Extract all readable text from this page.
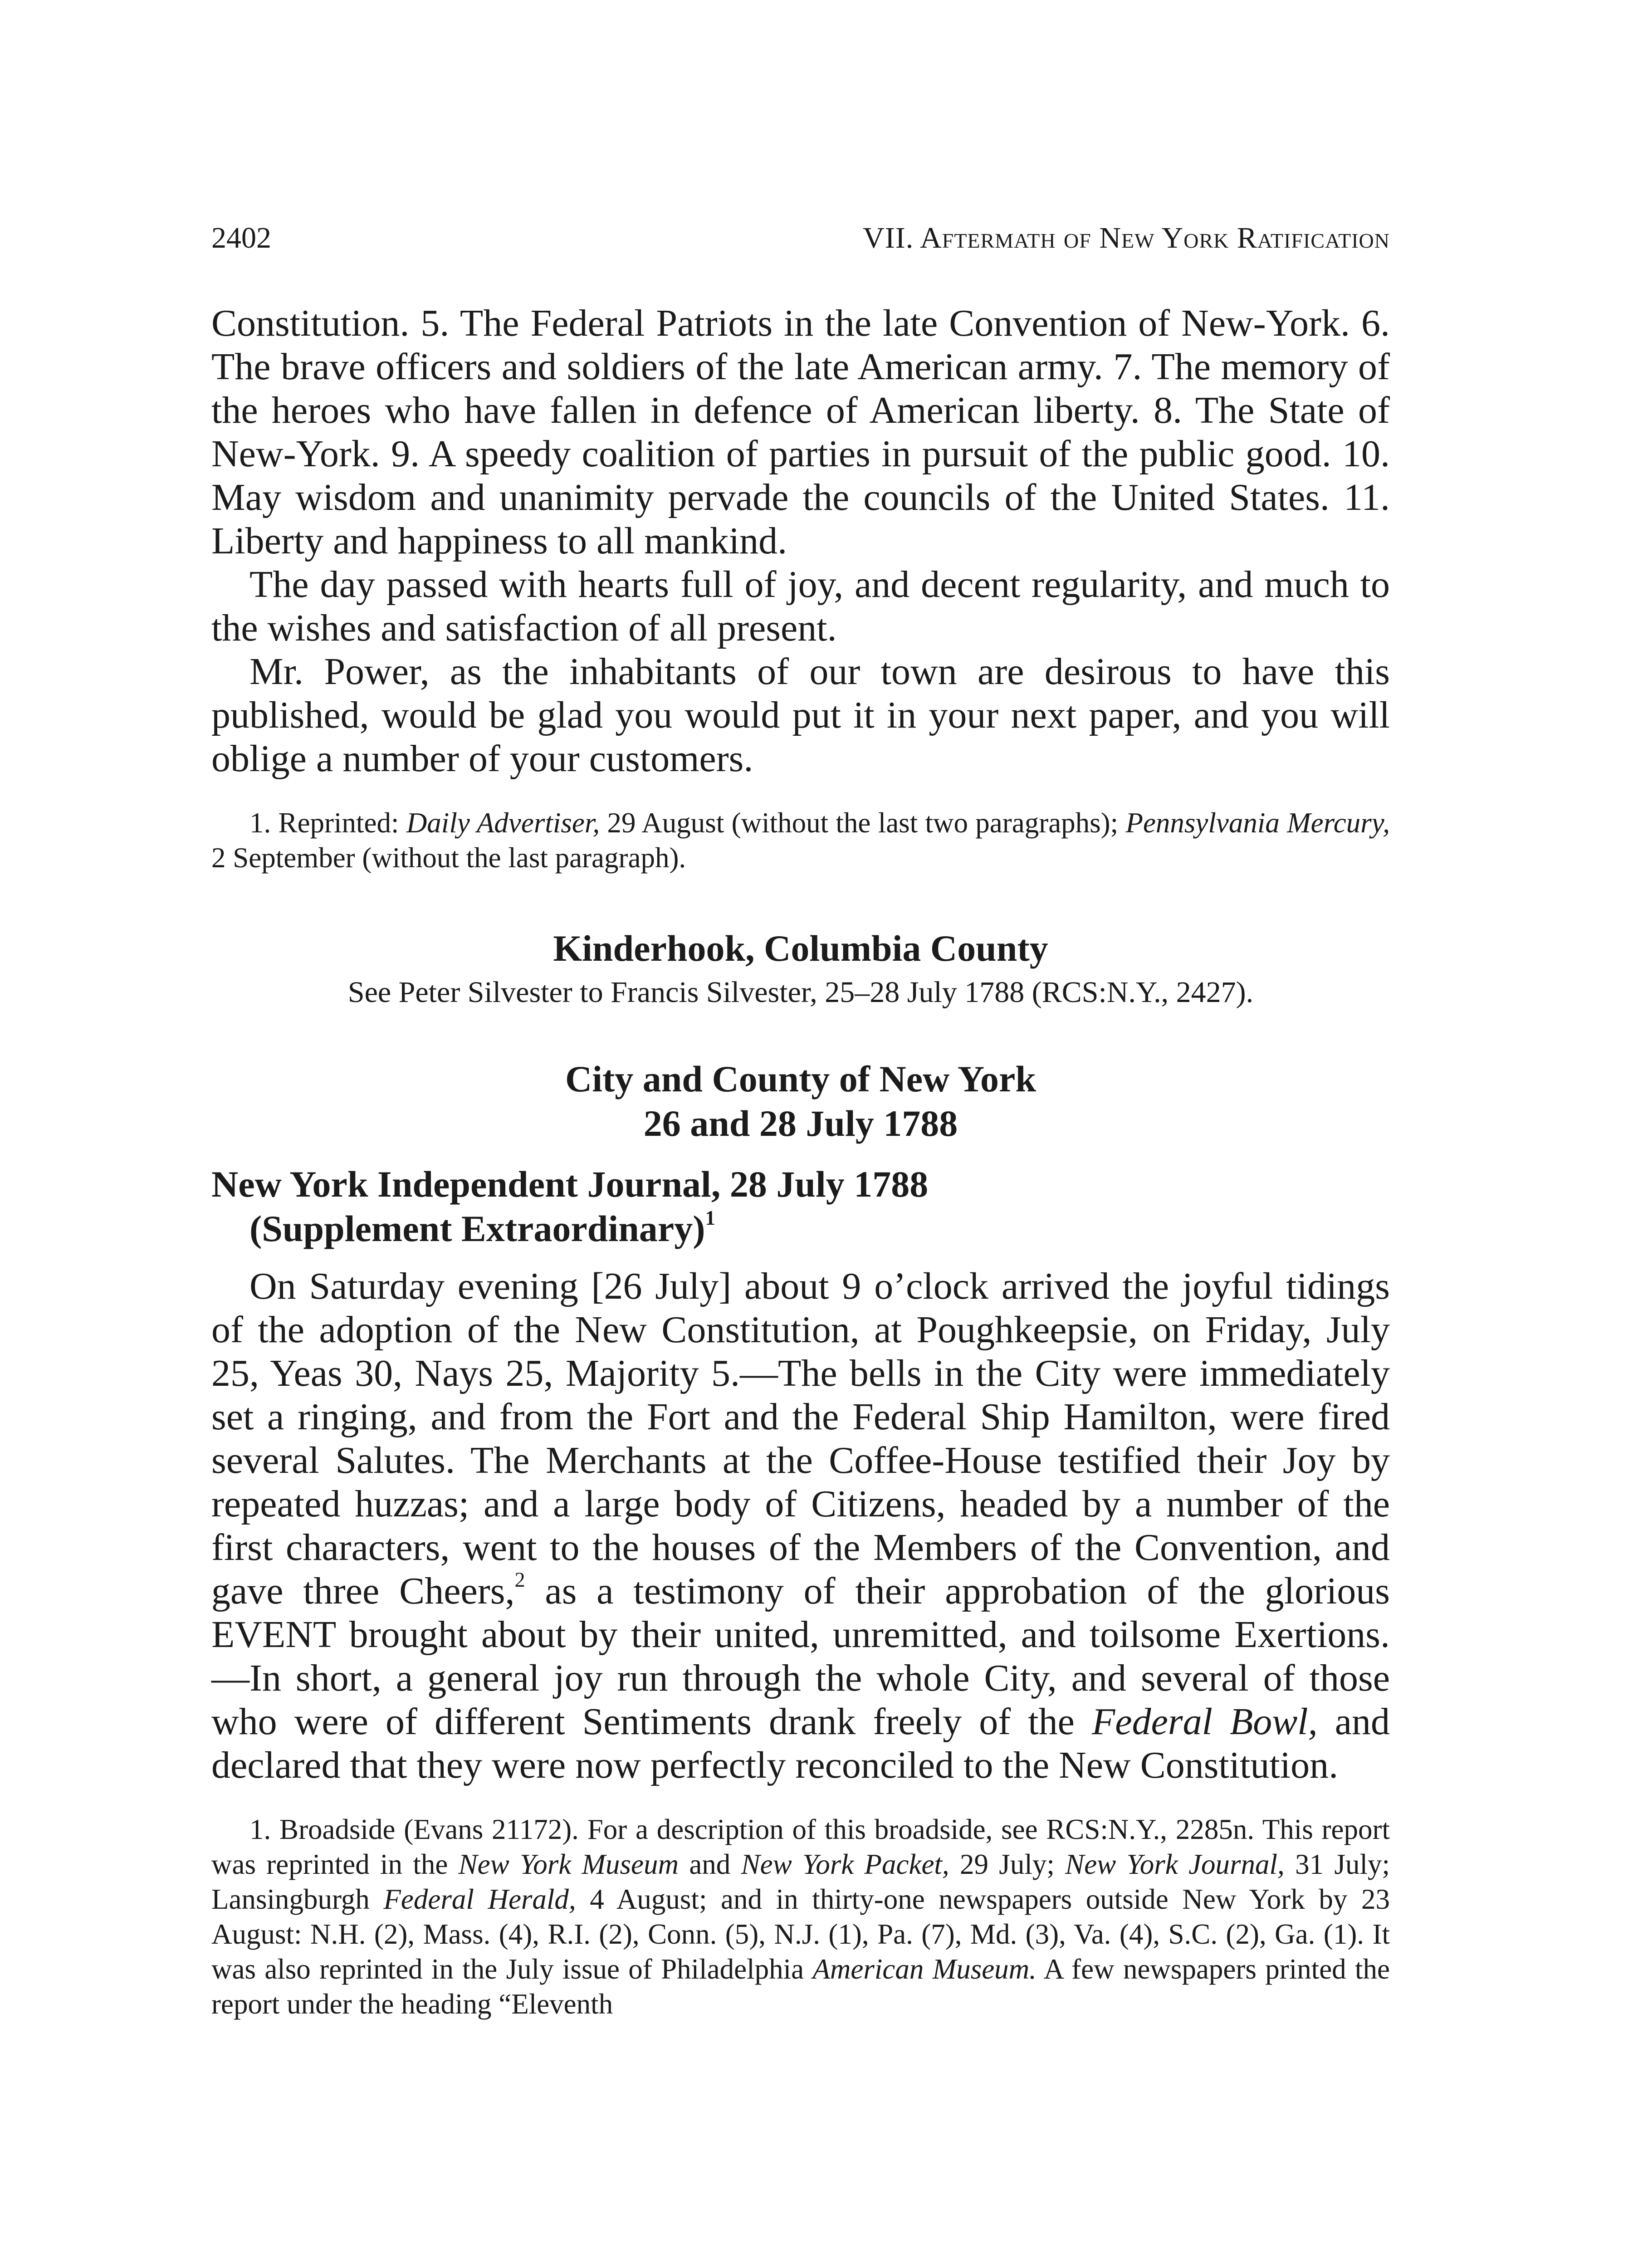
2402	VII. Aftermath of New York Ratification

Constitution. 5. The Federal Patriots in the late Convention of New-York. 6. The brave officers and soldiers of the late American army. 7. The memory of the heroes who have fallen in defence of American liberty. 8. The State of New-York. 9. A speedy coalition of parties in pursuit of the public good. 10. May wisdom and unanimity pervade the councils of the United States. 11. Liberty and happiness to all mankind.

The day passed with hearts full of joy, and decent regularity, and much to the wishes and satisfaction of all present.

Mr. Power, as the inhabitants of our town are desirous to have this published, would be glad you would put it in your next paper, and you will oblige a number of your customers.

1. Reprinted: Daily Advertiser, 29 August (without the last two paragraphs); Pennsylvania Mercury, 2 September (without the last paragraph).

Kinderhook, Columbia County
See Peter Silvester to Francis Silvester, 25–28 July 1788 (RCS:N.Y., 2427).
City and County of New York
26 and 28 July 1788
New York Independent Journal, 28 July 1788
(Supplement Extraordinary)$^1$

On Saturday evening [26 July] about 9 o’clock arrived the joyful tidings of the adoption of the New Constitution, at Poughkeepsie, on Friday, July 25, Yeas 30, Nays 25, Majority 5.—The bells in the City were immediately set a ringing, and from the Fort and the Federal Ship Hamilton, were fired several Salutes. The Merchants at the Coffee-House testified their Joy by repeated huzzas; and a large body of Citizens, headed by a number of the first characters, went to the houses of the Members of the Convention, and gave three Cheers,$^2$ as a testimony of their approbation of the glorious EVENT brought about by their united, unremitted, and toilsome Exertions.—In short, a general joy run through the whole City, and several of those who were of different Sentiments drank freely of the Federal Bowl, and declared that they were now perfectly reconciled to the New Constitution.

1. Broadside (Evans 21172). For a description of this broadside, see RCS:N.Y., 2285n. This report was reprinted in the New York Museum and New York Packet, 29 July; New York Journal, 31 July; Lansingburgh Federal Herald, 4 August; and in thirty-one newspapers outside New York by 23 August: N.H. (2), Mass. (4), R.I. (2), Conn. (5), N.J. (1), Pa. (7), Md. (3), Va. (4), S.C. (2), Ga. (1). It was also reprinted in the July issue of Philadelphia American Museum. A few newspapers printed the report under the heading “Eleventh
